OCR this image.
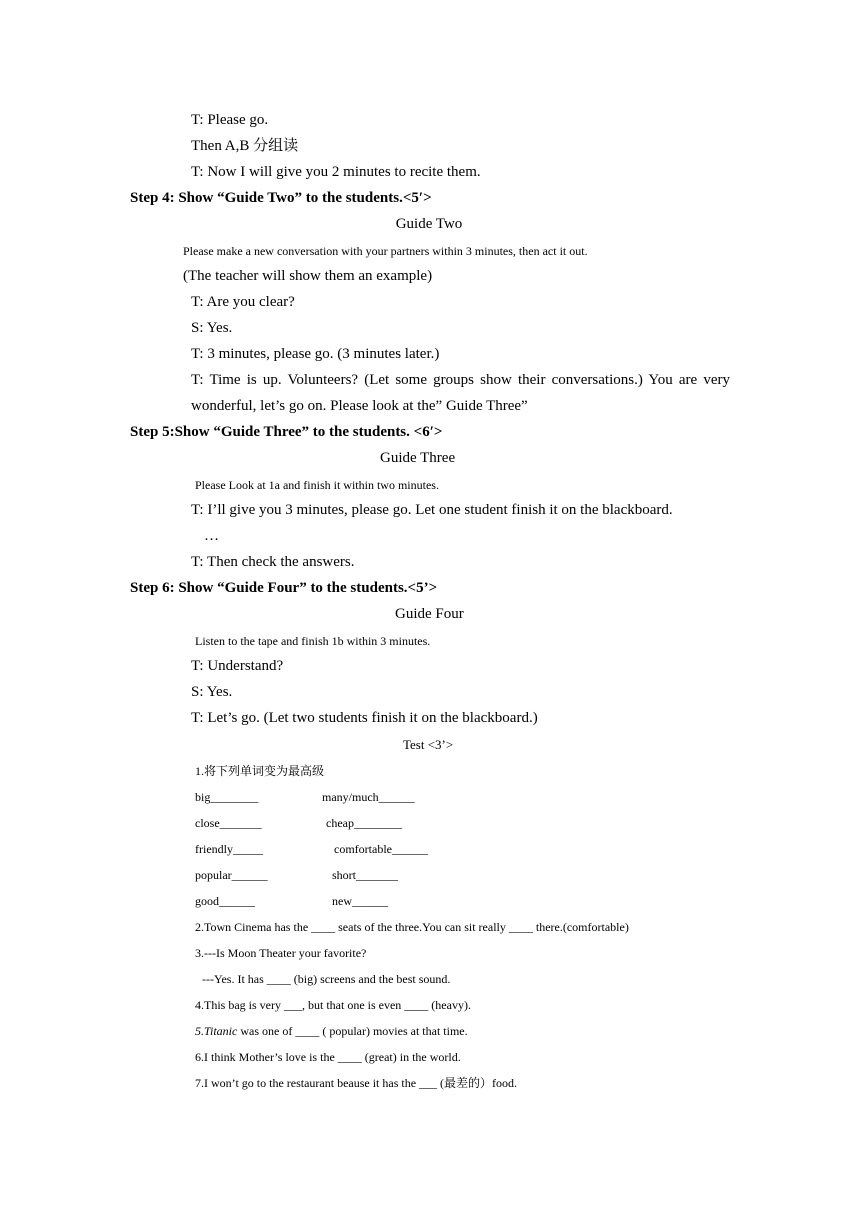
T: Please go.
Then A,B 分组读
T: Now I will give you 2 minutes to recite them.
Step 4: Show “Guide Two” to the students.<5′>
Guide Two
Please make a new conversation with your partners within 3 minutes, then act it out.
(The teacher will show them an example)
T: Are you clear?
S: Yes.
T: 3 minutes, please go. (3 minutes later.)
T: Time is up. Volunteers? (Let some groups show their conversations.) You are very
wonderful, let’s go on. Please look at the” Guide Three”
Step 5:Show “Guide Three” to the students. <6′>
Guide Three
Please Look at 1a and finish it within two minutes.
T: I’ll give you 3 minutes, please go. Let one student finish it on the blackboard.
…
T: Then check the answers.
Step 6: Show “Guide Four” to the students.<5’>
Guide Four
Listen to the tape and finish 1b within 3 minutes.
T: Understand?
S: Yes.
T: Let’s go. (Let two students finish it on the blackboard.)
Test <3’>
1.将下列单词变为最高级
big________	many/much______
close_______	cheap________
friendly_____	comfortable______
popular______	short_______
good______	new______
2.Town Cinema has the ____ seats of the three.You can sit really ____ there.(comfortable)
3.---Is Moon Theater your favorite?
---Yes. It has ____ (big) screens and the best sound.
4.This bag is very ___, but that one is even ____ (heavy).
5.Titanic was one of ____ ( popular) movies at that time.
6.I think Mother’s love is the ____ (great) in the world.
7.I won’t go to the restaurant beause it has the ___ (最差的）food.
